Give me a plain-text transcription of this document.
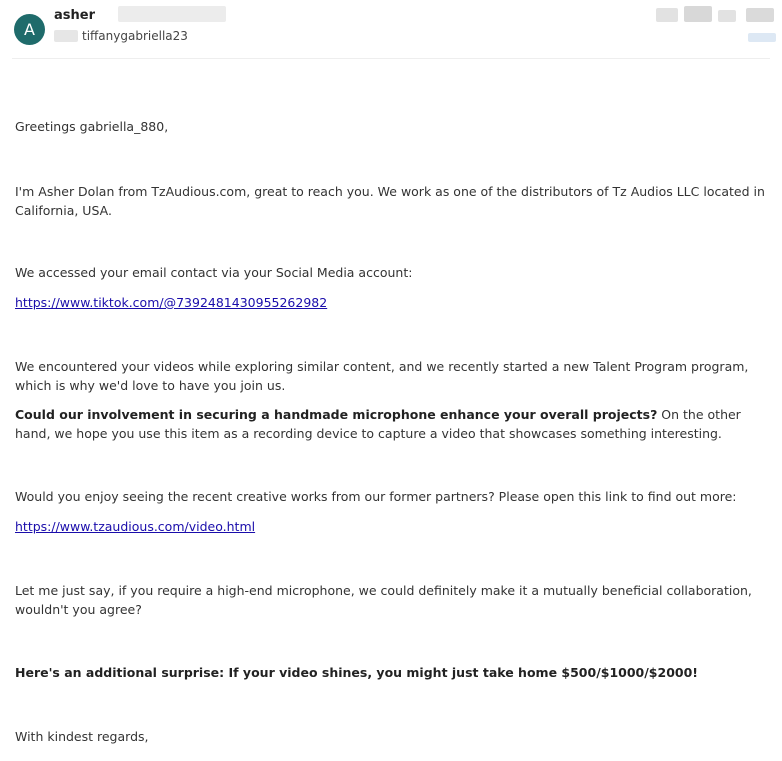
A
asher
tiffanygabriella23

Greetings gabriella_880,

I'm Asher Dolan from TzAudious.com, great to reach you. We work as one of the distributors of Tz Audios LLC located in California, USA.

We accessed your email contact via your Social Media account:

https://www.tiktok.com/@7392481430955262982

We encountered your videos while exploring similar content, and we recently started a new Talent Program program, which is why we'd love to have you join us.

Could our involvement in securing a handmade microphone enhance your overall projects? On the other hand, we hope you use this item as a recording device to capture a video that showcases something interesting.

Would you enjoy seeing the recent creative works from our former partners? Please open this link to find out more:

https://www.tzaudious.com/video.html

Let me just say, if you require a high-end microphone, we could definitely make it a mutually beneficial collaboration, wouldn't you agree?

Here's an additional surprise: If your video shines, you might just take home $500/$1000/$2000!

With kindest regards,
